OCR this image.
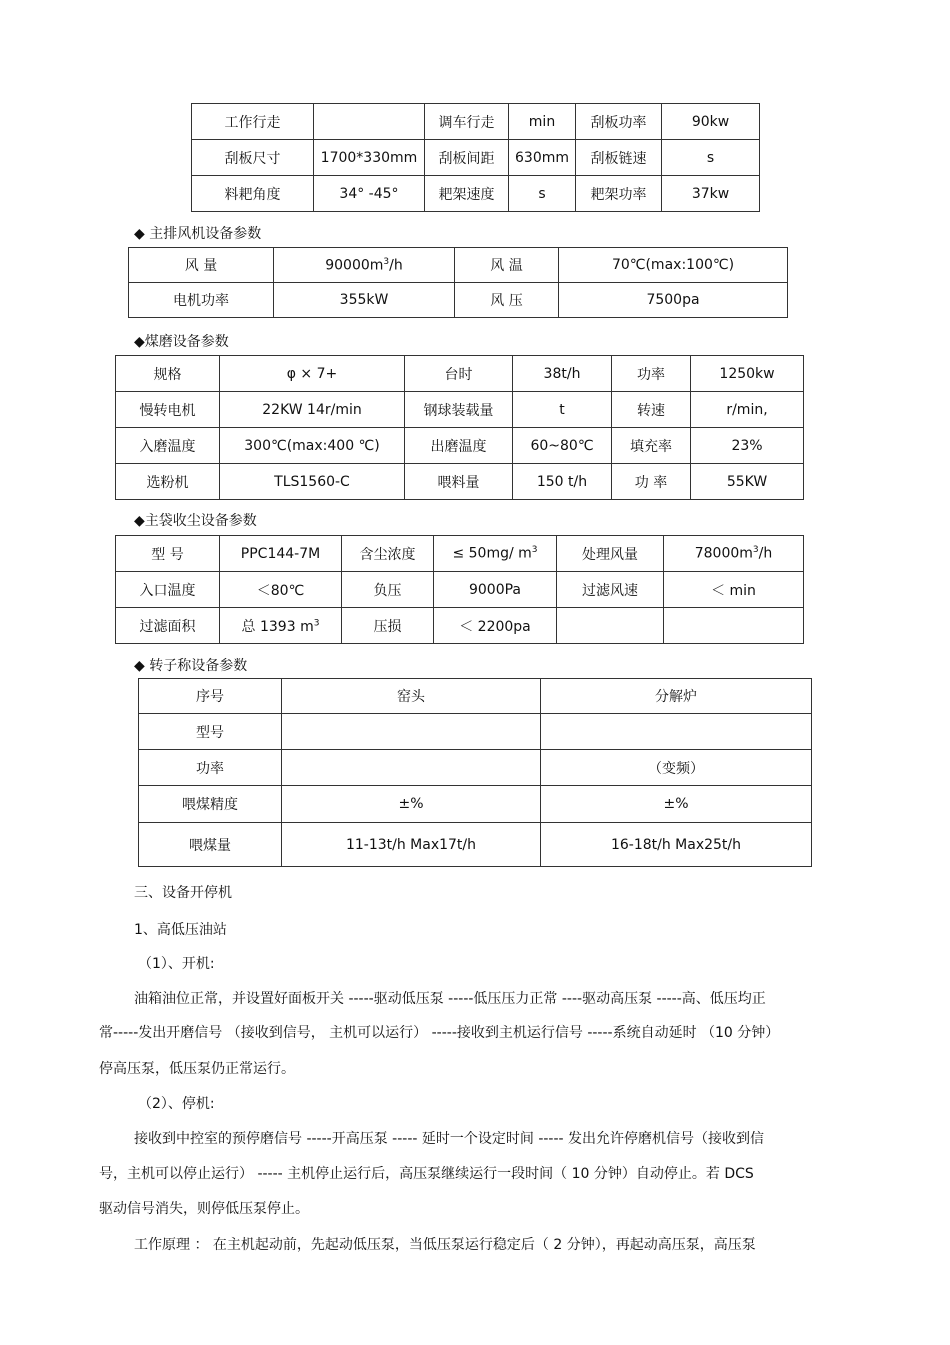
工作行走		调车行走	min	刮板功率	90kw
刮板尺寸	1700*330mm	刮板间距	630mm	刮板链速	s
料耙角度	34° -45°	耙架速度	s	耙架功率	37kw
◆ 主排风机设备参数
风 量	$90000m^3/h$	风 温	70℃(max:100℃)
电机功率	355kW	风 压	7500pa
◆煤磨设备参数
规格	φ × 7+	台时	38t/h	功率	1250kw
慢转电机	22KW 14r/min	钢球装载量	t	转速	r/min,
入磨温度	300℃(max:400 ℃)	出磨温度	60~80℃	填充率	23%
选粉机	TLS1560-C	喂料量	150 t/h	功 率	55KW
◆主袋收尘设备参数
型 号	PPC144-7M	含尘浓度	≤ 50mg/ $m^3$	处理风量	$78000m^3/h$
入口温度	＜80℃	负压	9000Pa	过滤风速	＜ min
过滤面积	总 1393 $m^3$	压损	＜ 2200pa		
◆ 转子称设备参数
序号	窑头	分解炉
型号		
功率		（变频）
喂煤精度	±%	±%
喂煤量	11-13t/h Max17t/h	16-18t/h Max25t/h
三、设备开停机
1、高低压油站
（1）、开机:
油箱油位正常，并设置好面板开关 -----驱动低压泵 -----低压压力正常 ----驱动高压泵 -----高、低压均正
常-----发出开磨信号 （接收到信号， 主机可以运行） -----接收到主机运行信号 -----系统自动延时 （10 分钟）
停高压泵，低压泵仍正常运行。
（2）、停机:
接收到中控室的预停磨信号 -----开高压泵 ----- 延时一个设定时间 ----- 发出允许停磨机信号（接收到信
号，主机可以停止运行） ----- 主机停止运行后，高压泵继续运行一段时间（ 10 分钟）自动停止。若 DCS
驱动信号消失，则停低压泵停止。
工作原理 ： 在主机起动前，先起动低压泵，当低压泵运行稳定后（ 2 分钟），再起动高压泵，高压泵
